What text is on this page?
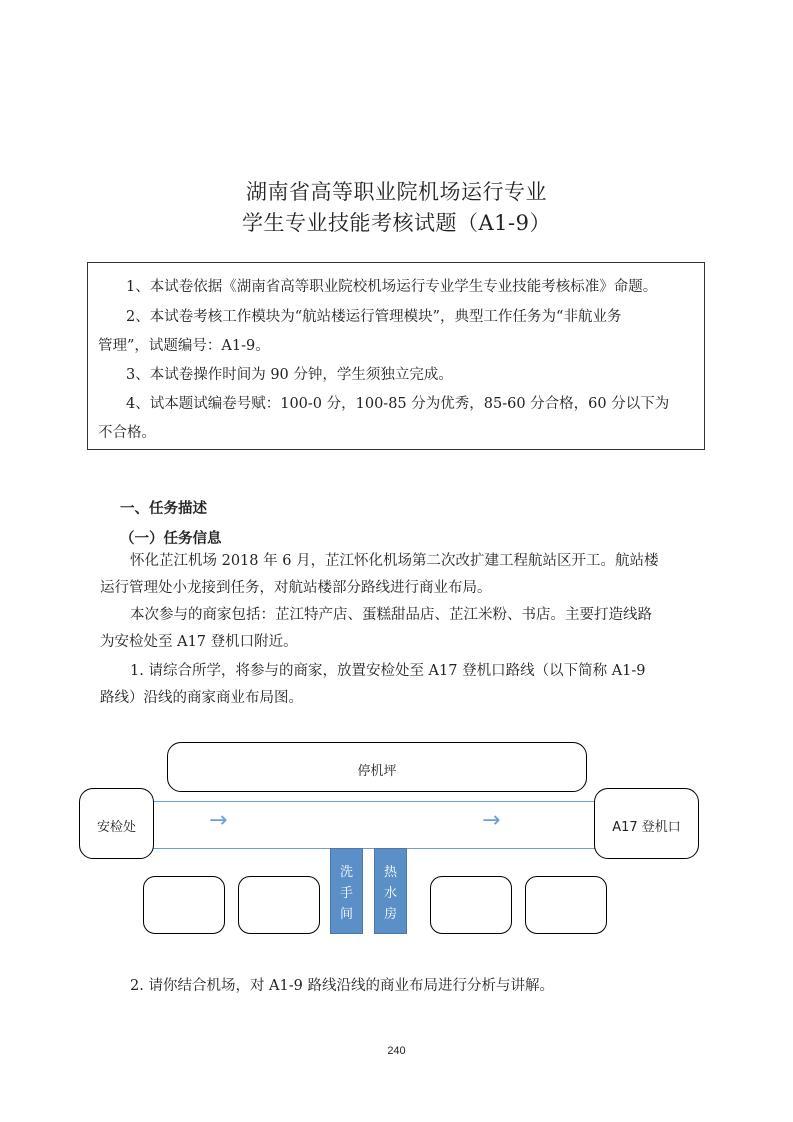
湖南省高等职业院机场运行专业
学生专业技能考核试题（A1-9）

1、本试卷依据《湖南省高等职业院校机场运行专业学生专业技能考核标准》命题。

2、本试卷考核工作模块为“航站楼运行管理模块”，典型工作任务为“非航业务

管理”，试题编号：A1-9。

3、本试卷操作时间为 90 分钟，学生须独立完成。

4、试本题试编卷号赋：100-0 分，100-85 分为优秀，85-60 分合格，60 分以下为

不合格。

一、任务描述
（一）任务信息

怀化芷江机场 2018 年 6 月，芷江怀化机场第二次改扩建工程航站区开工。航站楼

运行管理处小龙接到任务，对航站楼部分路线进行商业布局。

本次参与的商家包括：芷江特产店、蛋糕甜品店、芷江米粉、书店。主要打造线路

为安检处至 A17 登机口附近。

1. 请综合所学，将参与的商家，放置安检处至 A17 登机口路线（以下简称 A1-9

路线）沿线的商家商业布局图。

停机坪
安检处	A17 登机口
→	→
洗
手
间
热
水
房

2. 请你结合机场，对 A1-9 路线沿线的商业布局进行分析与讲解。

240
